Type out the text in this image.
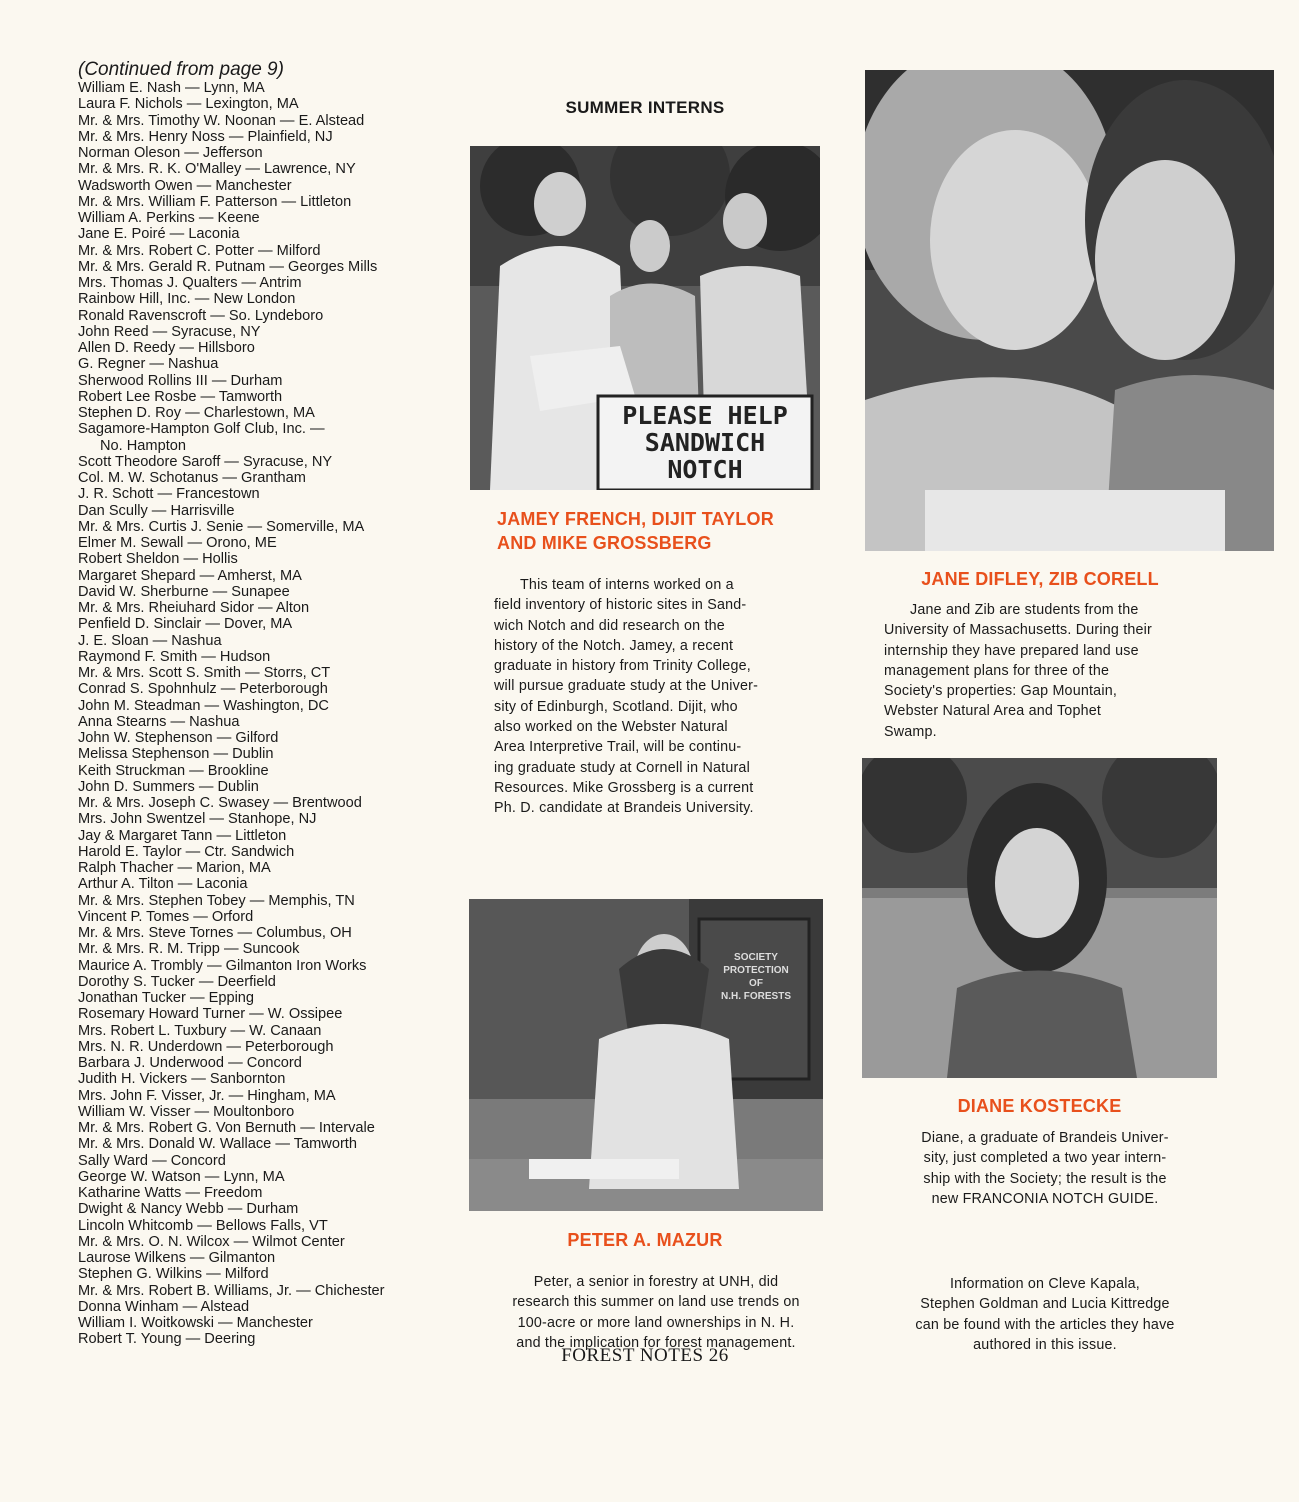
(Continued from page 9)

William E. Nash — Lynn, MA
Laura F. Nichols — Lexington, MA
Mr. & Mrs. Timothy W. Noonan — E. Alstead
Mr. & Mrs. Henry Noss — Plainfield, NJ
Norman Oleson — Jefferson
Mr. & Mrs. R. K. O'Malley — Lawrence, NY
Wadsworth Owen — Manchester
Mr. & Mrs. William F. Patterson — Littleton
William A. Perkins — Keene
Jane E. Poiré — Laconia
Mr. & Mrs. Robert C. Potter — Milford
Mr. & Mrs. Gerald R. Putnam — Georges Mills
Mrs. Thomas J. Qualters — Antrim
Rainbow Hill, Inc. — New London
Ronald Ravenscroft — So. Lyndeboro
John Reed — Syracuse, NY
Allen D. Reedy — Hillsboro
G. Regner — Nashua
Sherwood Rollins III — Durham
Robert Lee Rosbe — Tamworth
Stephen D. Roy — Charlestown, MA
Sagamore-Hampton Golf Club, Inc. —
No. Hampton
Scott Theodore Saroff — Syracuse, NY
Col. M. W. Schotanus — Grantham
J. R. Schott — Francestown
Dan Scully — Harrisville
Mr. & Mrs. Curtis J. Senie — Somerville, MA
Elmer M. Sewall — Orono, ME
Robert Sheldon — Hollis
Margaret Shepard — Amherst, MA
David W. Sherburne — Sunapee
Mr. & Mrs. Rheiuhard Sidor — Alton
Penfield D. Sinclair — Dover, MA
J. E. Sloan — Nashua
Raymond F. Smith — Hudson
Mr. & Mrs. Scott S. Smith — Storrs, CT
Conrad S. Spohnhulz — Peterborough
John M. Steadman — Washington, DC
Anna Stearns — Nashua
John W. Stephenson — Gilford
Melissa Stephenson — Dublin
Keith Struckman — Brookline
John D. Summers — Dublin
Mr. & Mrs. Joseph C. Swasey — Brentwood
Mrs. John Swentzel — Stanhope, NJ
Jay & Margaret Tann — Littleton
Harold E. Taylor — Ctr. Sandwich
Ralph Thacher — Marion, MA
Arthur A. Tilton — Laconia
Mr. & Mrs. Stephen Tobey — Memphis, TN
Vincent P. Tomes — Orford
Mr. & Mrs. Steve Tornes — Columbus, OH
Mr. & Mrs. R. M. Tripp — Suncook
Maurice A. Trombly — Gilmanton Iron Works
Dorothy S. Tucker — Deerfield
Jonathan Tucker — Epping
Rosemary Howard Turner — W. Ossipee
Mrs. Robert L. Tuxbury — W. Canaan
Mrs. N. R. Underdown — Peterborough
Barbara J. Underwood — Concord
Judith H. Vickers — Sanbornton
Mrs. John F. Visser, Jr. — Hingham, MA
William W. Visser — Moultonboro
Mr. & Mrs. Robert G. Von Bernuth — Intervale
Mr. & Mrs. Donald W. Wallace — Tamworth
Sally Ward — Concord
George W. Watson — Lynn, MA
Katharine Watts — Freedom
Dwight & Nancy Webb — Durham
Lincoln Whitcomb — Bellows Falls, VT
Mr. & Mrs. O. N. Wilcox — Wilmot Center
Laurose Wilkens — Gilmanton
Stephen G. Wilkins — Milford
Mr. & Mrs. Robert B. Williams, Jr. — Chichester
Donna Winham — Alstead
William I. Woitkowski — Manchester
Robert T. Young — Deering
SUMMER INTERNS
PLEASE HELP
SANDWICH
NOTCH
JAMEY FRENCH, DIJIT TAYLOR
AND MIKE GROSSBERG
This team of interns worked on a
field inventory of historic sites in Sand-
wich Notch and did research on the
history of the Notch. Jamey, a recent
graduate in history from Trinity College,
will pursue graduate study at the Univer-
sity of Edinburgh, Scotland. Dijit, who
also worked on the Webster Natural
Area Interpretive Trail, will be continu-
ing graduate study at Cornell in Natural
Resources. Mike Grossberg is a current
Ph. D. candidate at Brandeis University.
SOCIETY PROTECTION
OF
N.H. FORESTS
PETER A. MAZUR
Peter, a senior in forestry at UNH, did
research this summer on land use trends on
100-acre or more land ownerships in N. H.
and the implication for forest management.
JANE DIFLEY, ZIB CORELL
Jane and Zib are students from the
University of Massachusetts. During their
internship they have prepared land use
management plans for three of the
Society's properties: Gap Mountain,
Webster Natural Area and Tophet
Swamp.
DIANE KOSTECKE
Diane, a graduate of Brandeis Univer-
sity, just completed a two year intern-
ship with the Society; the result is the
new FRANCONIA NOTCH GUIDE.
Information on Cleve Kapala,
Stephen Goldman and Lucia Kittredge
can be found with the articles they have
authored in this issue.
FOREST NOTES 26
